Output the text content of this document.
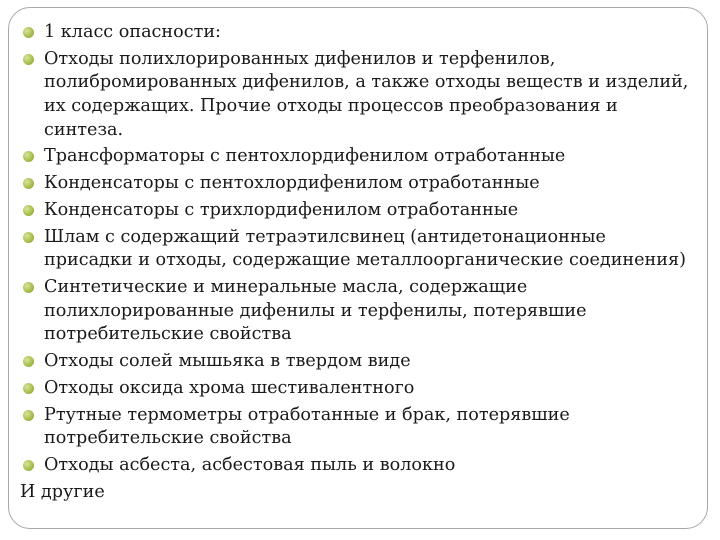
1 класс опасности:
Отходы полихлорированных дифенилов и терфенилов, полибромированных дифенилов, а также отходы веществ и изделий, их содержащих. Прочие отходы процессов преобразования и синтеза.
Трансформаторы с пентохлордифенилом отработанные
Конденсаторы с пентохлордифенилом отработанные
Конденсаторы с трихлордифенилом отработанные
Шлам с содержащий тетраэтилсвинец (антидетонационные присадки и отходы, содержащие металлоорганические соединения)
Синтетические и минеральные масла, содержащие полихлорированные дифенилы и терфенилы, потерявшие потребительские свойства
Отходы солей мышьяка в твердом виде
Отходы оксида хрома шестивалентного
Ртутные термометры отработанные и брак, потерявшие потребительские свойства
Отходы асбеста, асбестовая пыль и волокно

И другие
